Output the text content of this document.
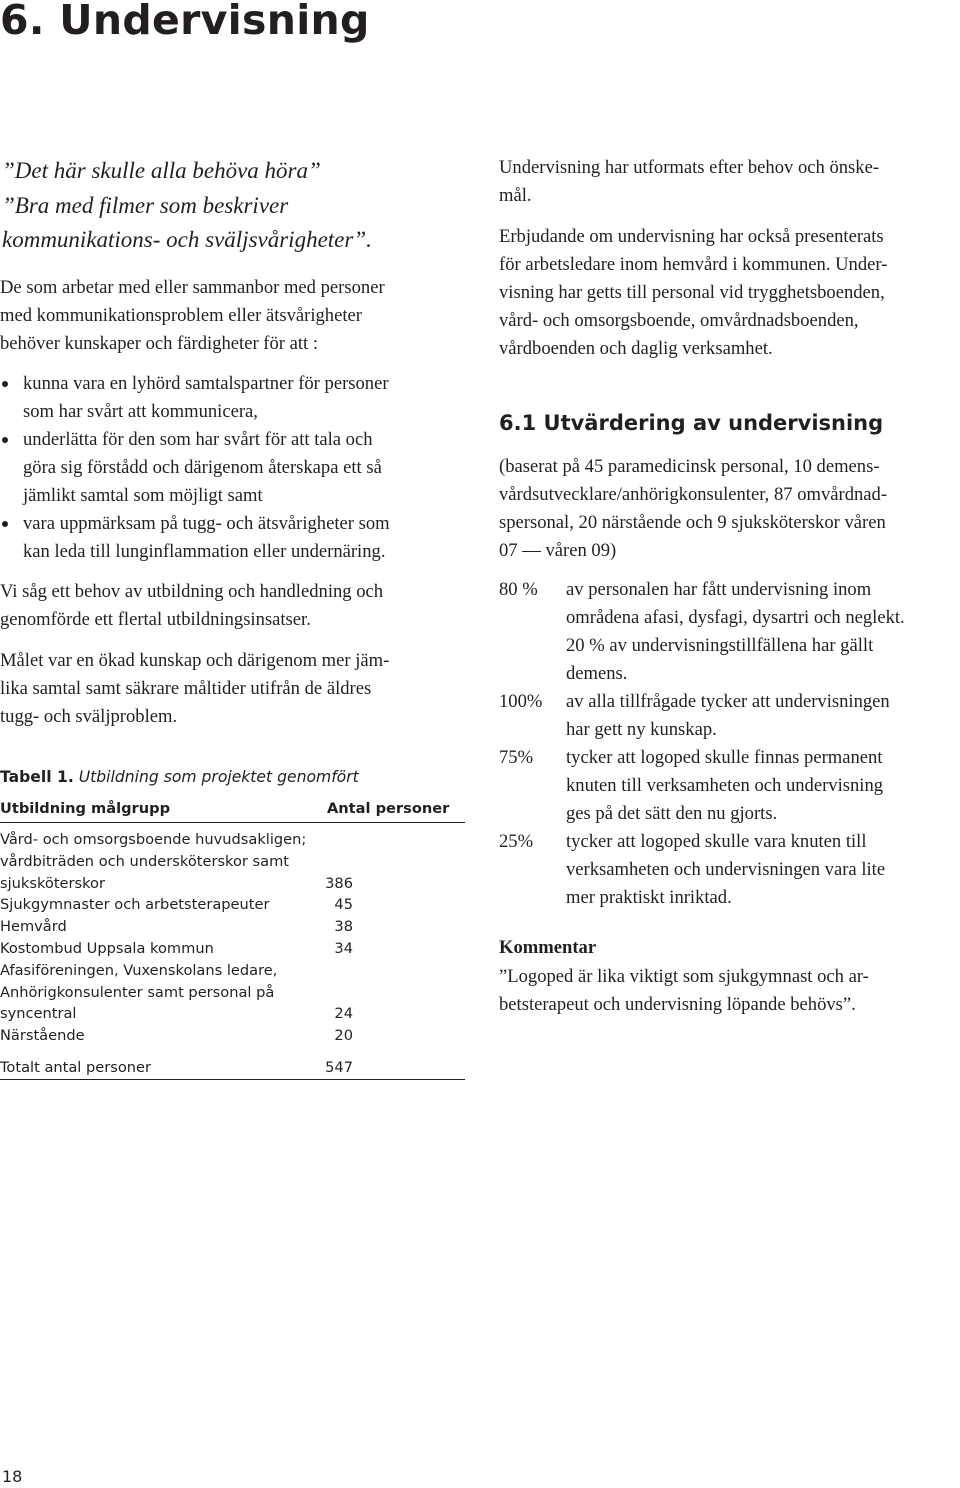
6. Undervisning
”Det här skulle alla behöva höra”
”Bra med filmer som beskriver
kommunikations- och sväljsvårigheter”.
De som arbetar med eller sammanbor med personer
med kommunikationsproblem eller ätsvårigheter
behöver kunskaper och färdigheter för att :
kunna vara en lyhörd samtalspartner för personer
som har svårt att kommunicera,
underlätta för den som har svårt för att tala och
göra sig förstådd och därigenom återskapa ett så
jämlikt samtal som möjligt samt
vara uppmärksam på tugg- och ätsvårigheter som
kan leda till lunginflammation eller undernäring.
Vi såg ett behov av utbildning och handledning och
genomförde ett flertal utbildningsinsatser.
Målet var en ökad kunskap och därigenom mer jäm-
lika samtal samt säkrare måltider utifrån de äldres
tugg- och sväljproblem.
Tabell 1. Utbildning som projektet genomfört
Utbildning målgrupp	Antal personer
Vård- och omsorgsboende huvudsakligen;
vårdbiträden och undersköterskor samt
sjuksköterskor	386
Sjukgymnaster och arbetsterapeuter	45
Hemvård	38
Kostombud Uppsala kommun	34
Afasiföreningen, Vuxenskolans ledare,
Anhörigkonsulenter samt personal på
syncentral	24
Närstående	20
Totalt antal personer	547
Undervisning har utformats efter behov och önske-
mål.
Erbjudande om undervisning har också presenterats
för arbetsledare inom hemvård i kommunen. Under-
visning har getts till personal vid trygghetsboenden,
vård- och omsorgsboende, omvårdnadsboenden,
vårdboenden och daglig verksamhet.
6.1 Utvärdering av undervisning
(baserat på 45 paramedicinsk personal, 10 demens-
vårdsutvecklare/anhörigkonsulenter, 87 omvårdnad-
spersonal, 20 närstående och 9 sjuksköterskor våren
07 — våren 09)
80 % av personalen har fått undervisning inom
områdena afasi, dysfagi, dysartri och neglekt.
20 % av undervisningstillfällena har gällt
demens.
100% av alla tillfrågade tycker att undervisningen
har gett ny kunskap.
75% tycker att logoped skulle finnas permanent
knuten till verksamheten och undervisning
ges på det sätt den nu gjorts.
25% tycker att logoped skulle vara knuten till
verksamheten och undervisningen vara lite
mer praktiskt inriktad.
Kommentar
”Logoped är lika viktigt som sjukgymnast och ar-
betsterapeut och undervisning löpande behövs”.
18
